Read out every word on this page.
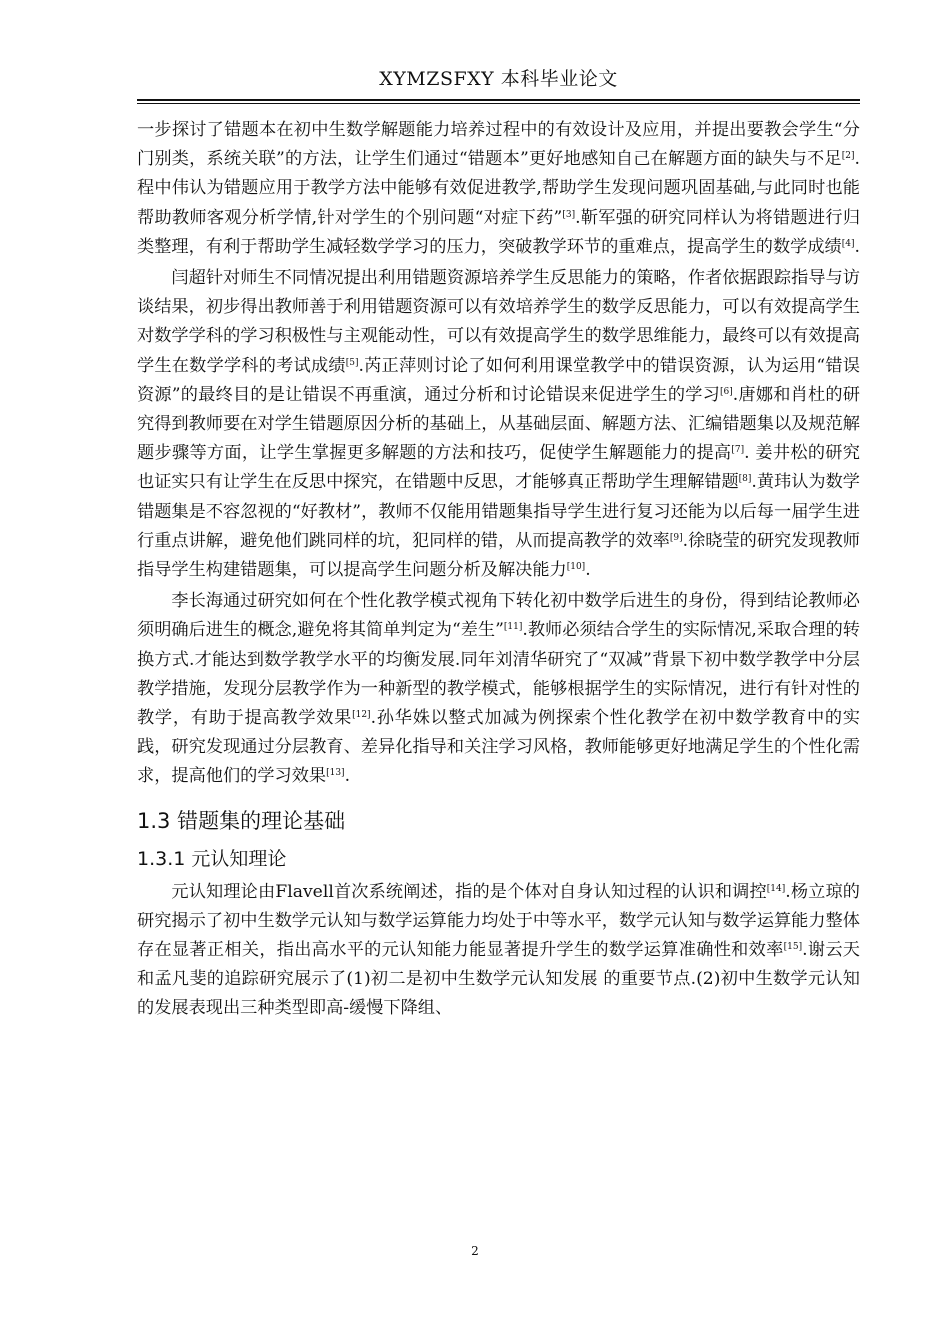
XYMZSFXY 本科毕业论文

一步探讨了错题本在初中生数学解题能力培养过程中的有效设计及应用，并提出要教会学生“分门别类，系统关联”的方法，让学生们通过“错题本”更好地感知自己在解题方面的缺失与不足[2].程中伟认为错题应用于教学方法中能够有效促进教学,帮助学生发现问题巩固基础,与此同时也能帮助教师客观分析学情,针对学生的个别问题“对症下药”[3].靳军强的研究同样认为将错题进行归类整理，有利于帮助学生减轻数学学习的压力，突破教学环节的重难点，提高学生的数学成绩[4].

闫超针对师生不同情况提出利用错题资源培养学生反思能力的策略，作者依据跟踪指导与访谈结果，初步得出教师善于利用错题资源可以有效培养学生的数学反思能力，可以有效提高学生对数学学科的学习积极性与主观能动性，可以有效提高学生的数学思维能力，最终可以有效提高学生在数学学科的考试成绩[5].芮正萍则讨论了如何利用课堂教学中的错误资源，认为运用“错误资源”的最终目的是让错误不再重演，通过分析和讨论错误来促进学生的学习[6].唐娜和肖杜的研究得到教师要在对学生错题原因分析的基础上，从基础层面、解题方法、汇编错题集以及规范解题步骤等方面，让学生掌握更多解题的方法和技巧，促使学生解题能力的提高[7]. 姜井松的研究也证实只有让学生在反思中探究，在错题中反思，才能够真正帮助学生理解错题[8].黄玮认为数学错题集是不容忽视的“好教材”，教师不仅能用错题集指导学生进行复习还能为以后每一届学生进行重点讲解，避免他们跳同样的坑，犯同样的错，从而提高教学的效率[9].徐晓莹的研究发现教师指导学生构建错题集，可以提高学生问题分析及解决能力[10].

李长海通过研究如何在个性化教学模式视角下转化初中数学后进生的身份，得到结论教师必须明确后进生的概念,避免将其简单判定为“差生”[11].教师必须结合学生的实际情况,采取合理的转换方式.才能达到数学教学水平的均衡发展.同年刘清华研究了“双减”背景下初中数学教学中分层教学措施，发现分层教学作为一种新型的教学模式，能够根据学生的实际情况，进行有针对性的教学，有助于提高教学效果[12].孙华姝以整式加减为例探索个性化教学在初中数学教育中的实践，研究发现通过分层教育、差异化指导和关注学习风格，教师能够更好地满足学生的个性化需求，提高他们的学习效果[13].

1.3 错题集的理论基础
1.3.1 元认知理论

元认知理论由Flavell首次系统阐述，指的是个体对自身认知过程的认识和调控[14].杨立琼的研究揭示了初中生数学元认知与数学运算能力均处于中等水平，数学元认知与数学运算能力整体存在显著正相关，指出高水平的元认知能力能显著提升学生的数学运算准确性和效率[15].谢云天和孟凡斐的追踪研究展示了(1)初二是初中生数学元认知发展 的重要节点.(2)初中生数学元认知的发展表现出三种类型即高-缓慢下降组、

2
